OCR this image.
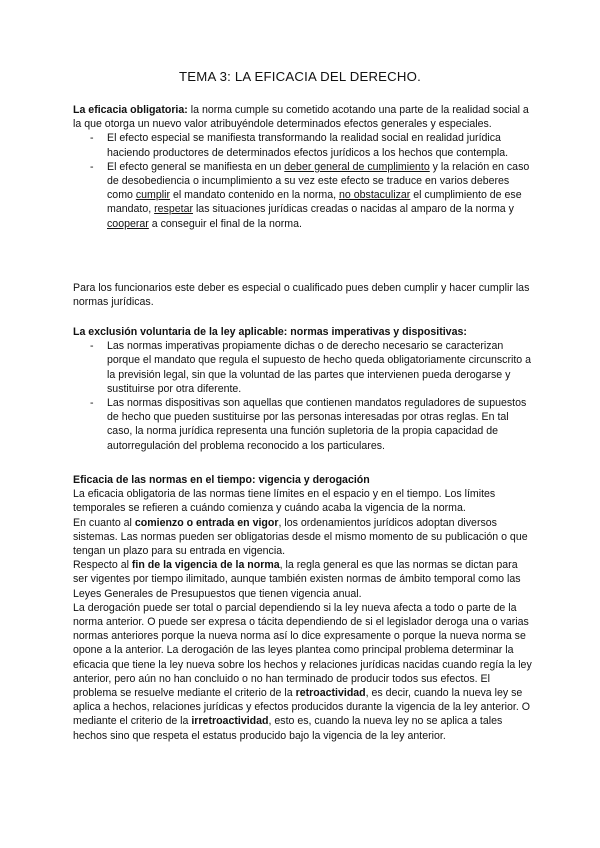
TEMA 3: LA EFICACIA DEL DERECHO.

La eficacia obligatoria: la norma cumple su cometido acotando una parte de la realidad social a la que otorga un nuevo valor atribuyéndole determinados efectos generales y especiales.

- El efecto especial se manifiesta transformando la realidad social en realidad jurídica haciendo productores de determinados efectos jurídicos a los hechos que contempla.
- El efecto general se manifiesta en un deber general de cumplimiento y la relación en caso de desobediencia o incumplimiento a su vez este efecto se traduce en varios deberes como cumplir el mandato contenido en la norma, no obstaculizar el cumplimiento de ese mandato, respetar las situaciones jurídicas creadas o nacidas al amparo de la norma y cooperar a conseguir el final de la norma.

Para los funcionarios este deber es especial o cualificado pues deben cumplir y hacer cumplir las normas jurídicas.

La exclusión voluntaria de la ley aplicable: normas imperativas y dispositivas:

- Las normas imperativas propiamente dichas o de derecho necesario se caracterizan porque el mandato que regula el supuesto de hecho queda obligatoriamente circunscrito a la previsión legal, sin que la voluntad de las partes que intervienen pueda derogarse y sustituirse por otra diferente.
- Las normas dispositivas son aquellas que contienen mandatos reguladores de supuestos de hecho que pueden sustituirse por las personas interesadas por otras reglas. En tal caso, la norma jurídica representa una función supletoria de la propia capacidad de autorregulación del problema reconocido a los particulares.

Eficacia de las normas en el tiempo: vigencia y derogación

La eficacia obligatoria de las normas tiene límites en el espacio y en el tiempo. Los límites temporales se refieren a cuándo comienza y cuándo acaba la vigencia de la norma.

En cuanto al comienzo o entrada en vigor, los ordenamientos jurídicos adoptan diversos sistemas. Las normas pueden ser obligatorias desde el mismo momento de su publicación o que tengan un plazo para su entrada en vigencia.

Respecto al fin de la vigencia de la norma, la regla general es que las normas se dictan para ser vigentes por tiempo ilimitado, aunque también existen normas de ámbito temporal como las Leyes Generales de Presupuestos que tienen vigencia anual.

La derogación puede ser total o parcial dependiendo si la ley nueva afecta a todo o parte de la norma anterior. O puede ser expresa o tácita dependiendo de si el legislador deroga una o varias normas anteriores porque la nueva norma así lo dice expresamente o porque la nueva norma se opone a la anterior. La derogación de las leyes plantea como principal problema determinar la eficacia que tiene la ley nueva sobre los hechos y relaciones jurídicas nacidas cuando regía la ley anterior, pero aún no han concluido o no han terminado de producir todos sus efectos. El problema se resuelve mediante el criterio de la retroactividad, es decir, cuando la nueva ley se aplica a hechos, relaciones jurídicas y efectos producidos durante la vigencia de la ley anterior. O mediante el criterio de la irretroactividad, esto es, cuando la nueva ley no se aplica a tales hechos sino que respeta el estatus producido bajo la vigencia de la ley anterior.
